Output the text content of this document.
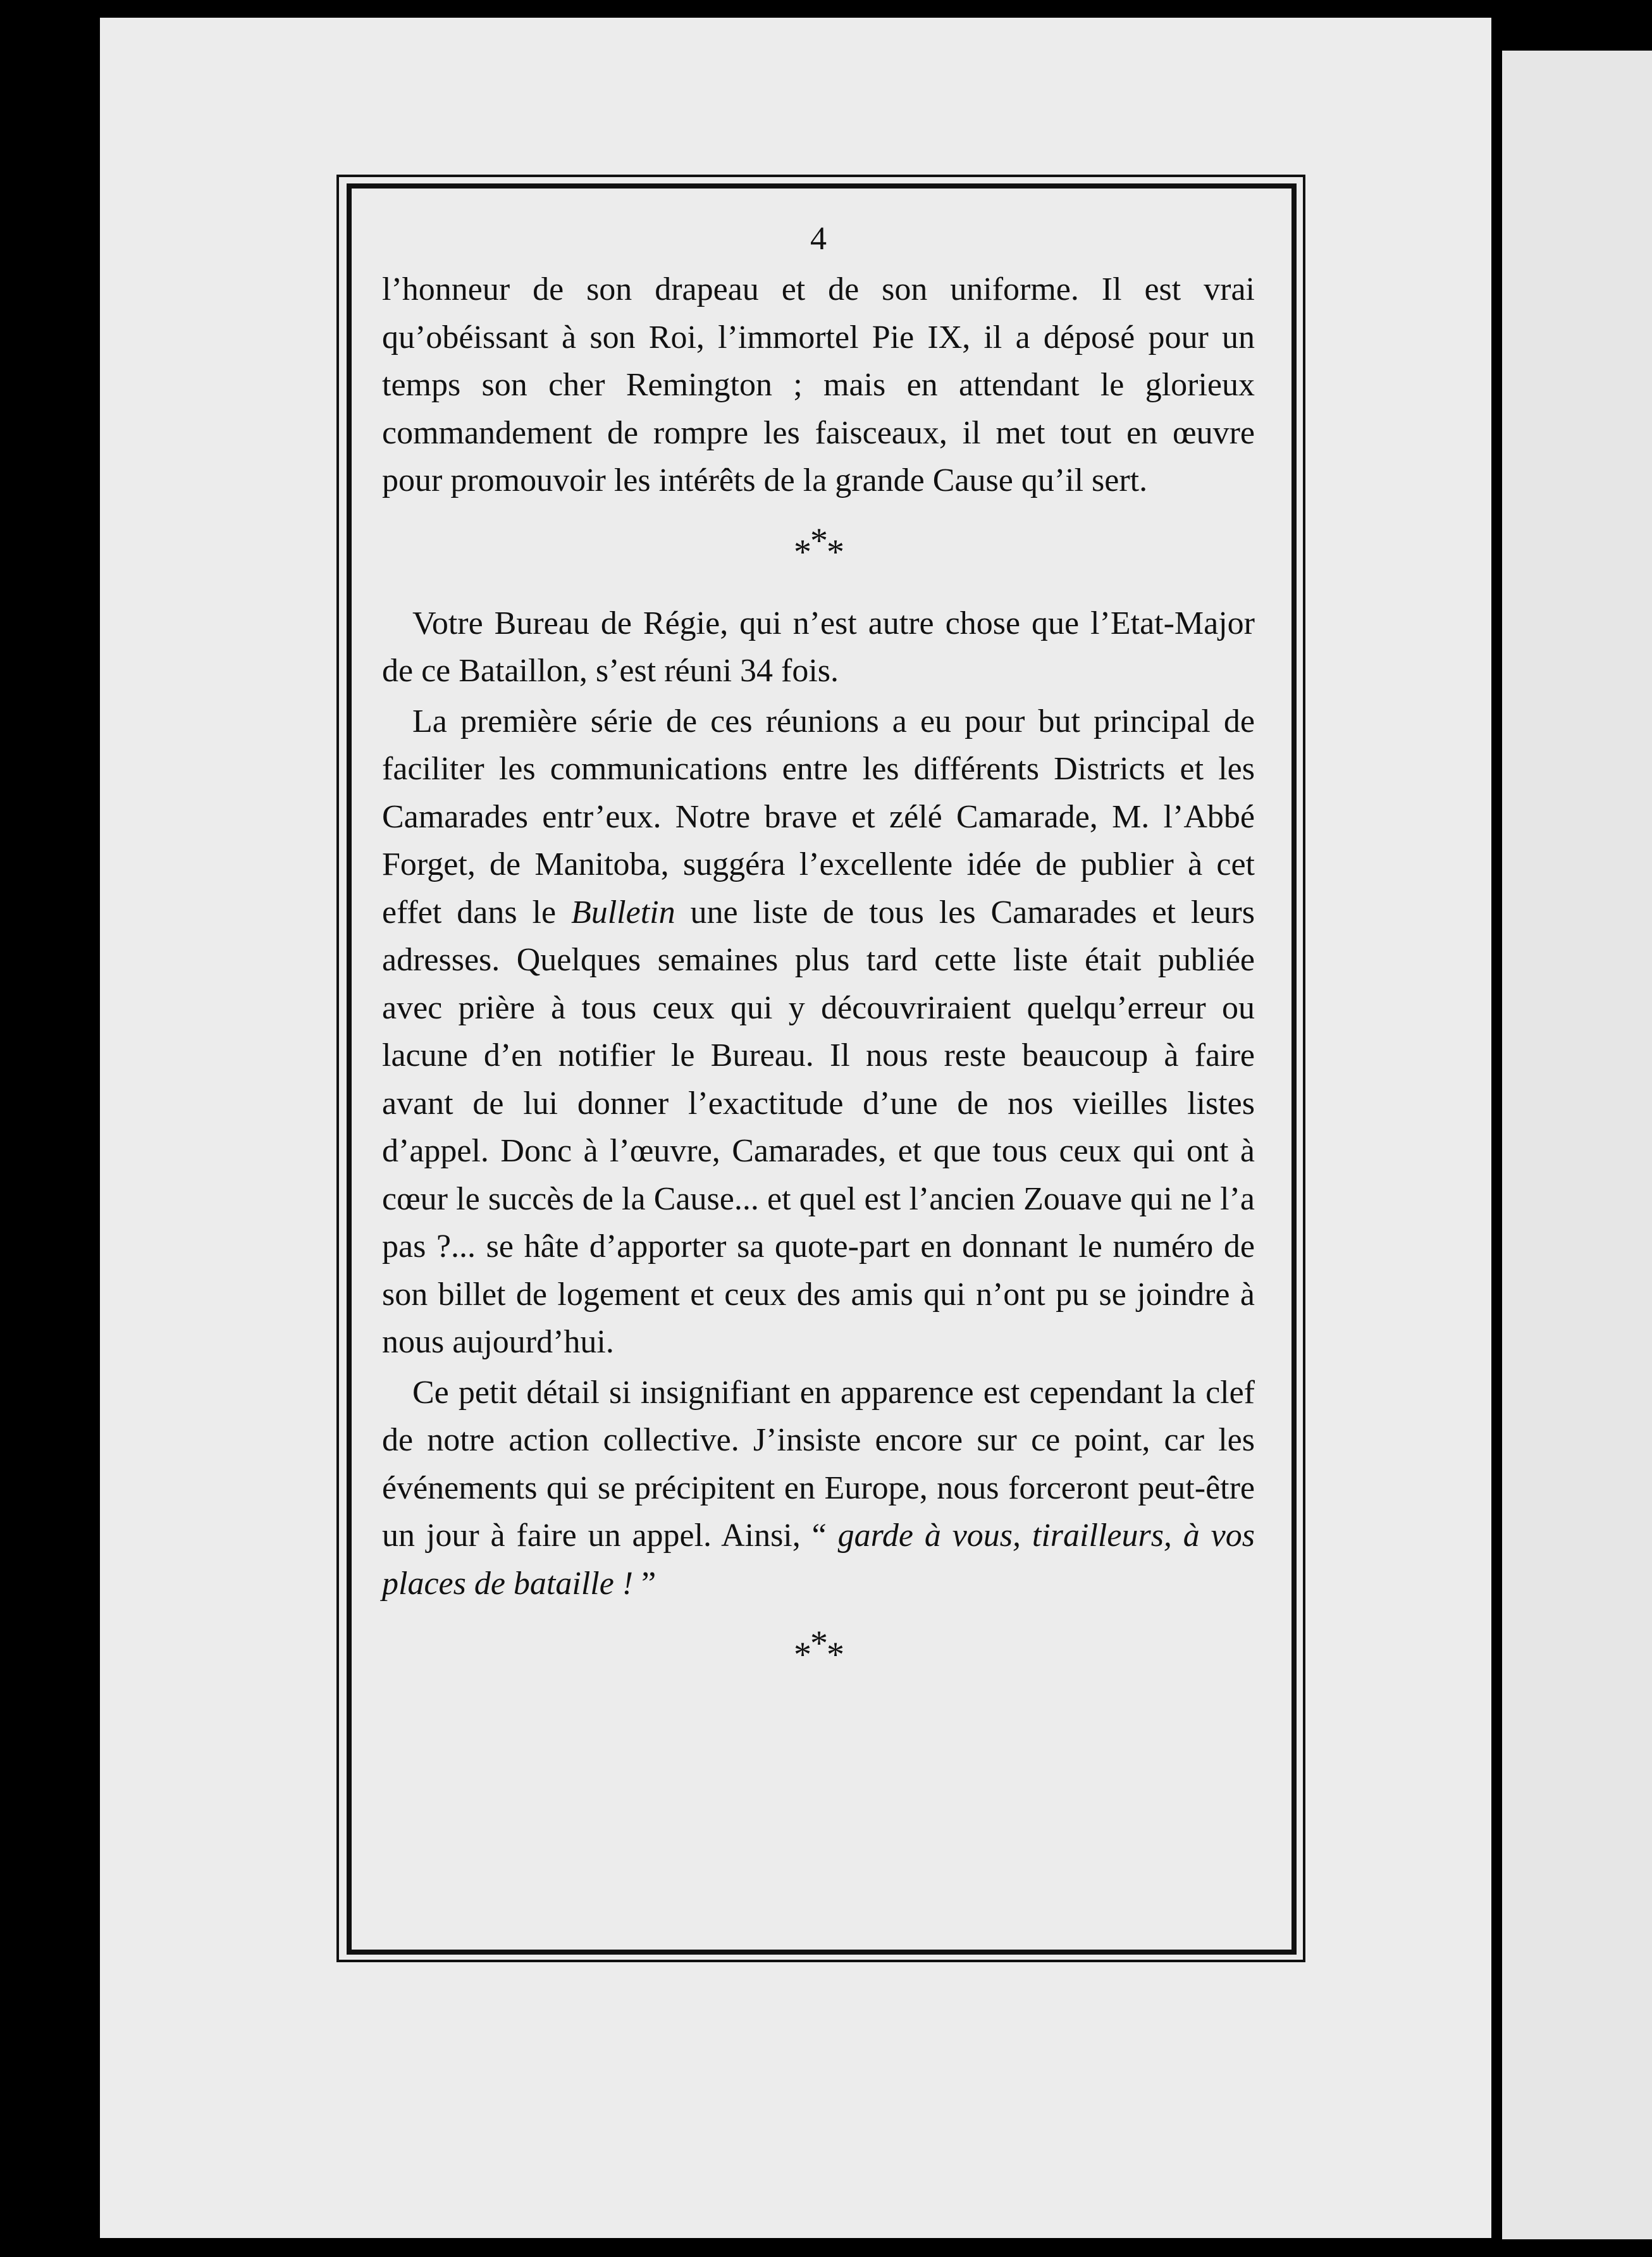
4

l’honneur de son drapeau et de son uniforme. Il est vrai qu’obéissant à son Roi, l’immortel Pie IX, il a déposé pour un temps son cher Remington ; mais en attendant le glorieux commandement de rompre les faisceaux, il met tout en œuvre pour promouvoir les intérêts de la grande Cause qu’il sert.

***

Votre Bureau de Régie, qui n’est autre chose que l’Etat-Major de ce Bataillon, s’est réuni 34 fois.

La première série de ces réunions a eu pour but principal de faciliter les communications entre les différents Districts et les Camarades entr’eux. Notre brave et zélé Camarade, M. l’Abbé Forget, de Manitoba, suggéra l’excellente idée de publier à cet effet dans le Bulletin une liste de tous les Camarades et leurs adresses. Quelques semaines plus tard cette liste était publiée avec prière à tous ceux qui y découvriraient quelqu’erreur ou lacune d’en notifier le Bureau. Il nous reste beaucoup à faire avant de lui donner l’exactitude d’une de nos vieilles listes d’appel. Donc à l’œuvre, Camarades, et que tous ceux qui ont à cœur le succès de la Cause... et quel est l’ancien Zouave qui ne l’a pas ?... se hâte d’apporter sa quote-part en donnant le numéro de son billet de logement et ceux des amis qui n’ont pu se joindre à nous aujourd’hui.

Ce petit détail si insignifiant en apparence est cependant la clef de notre action collective. J’insiste encore sur ce point, car les événements qui se précipitent en Europe, nous forceront peut-être un jour à faire un appel. Ainsi, “ garde à vous, tirailleurs, à vos places de bataille ! ”

***
